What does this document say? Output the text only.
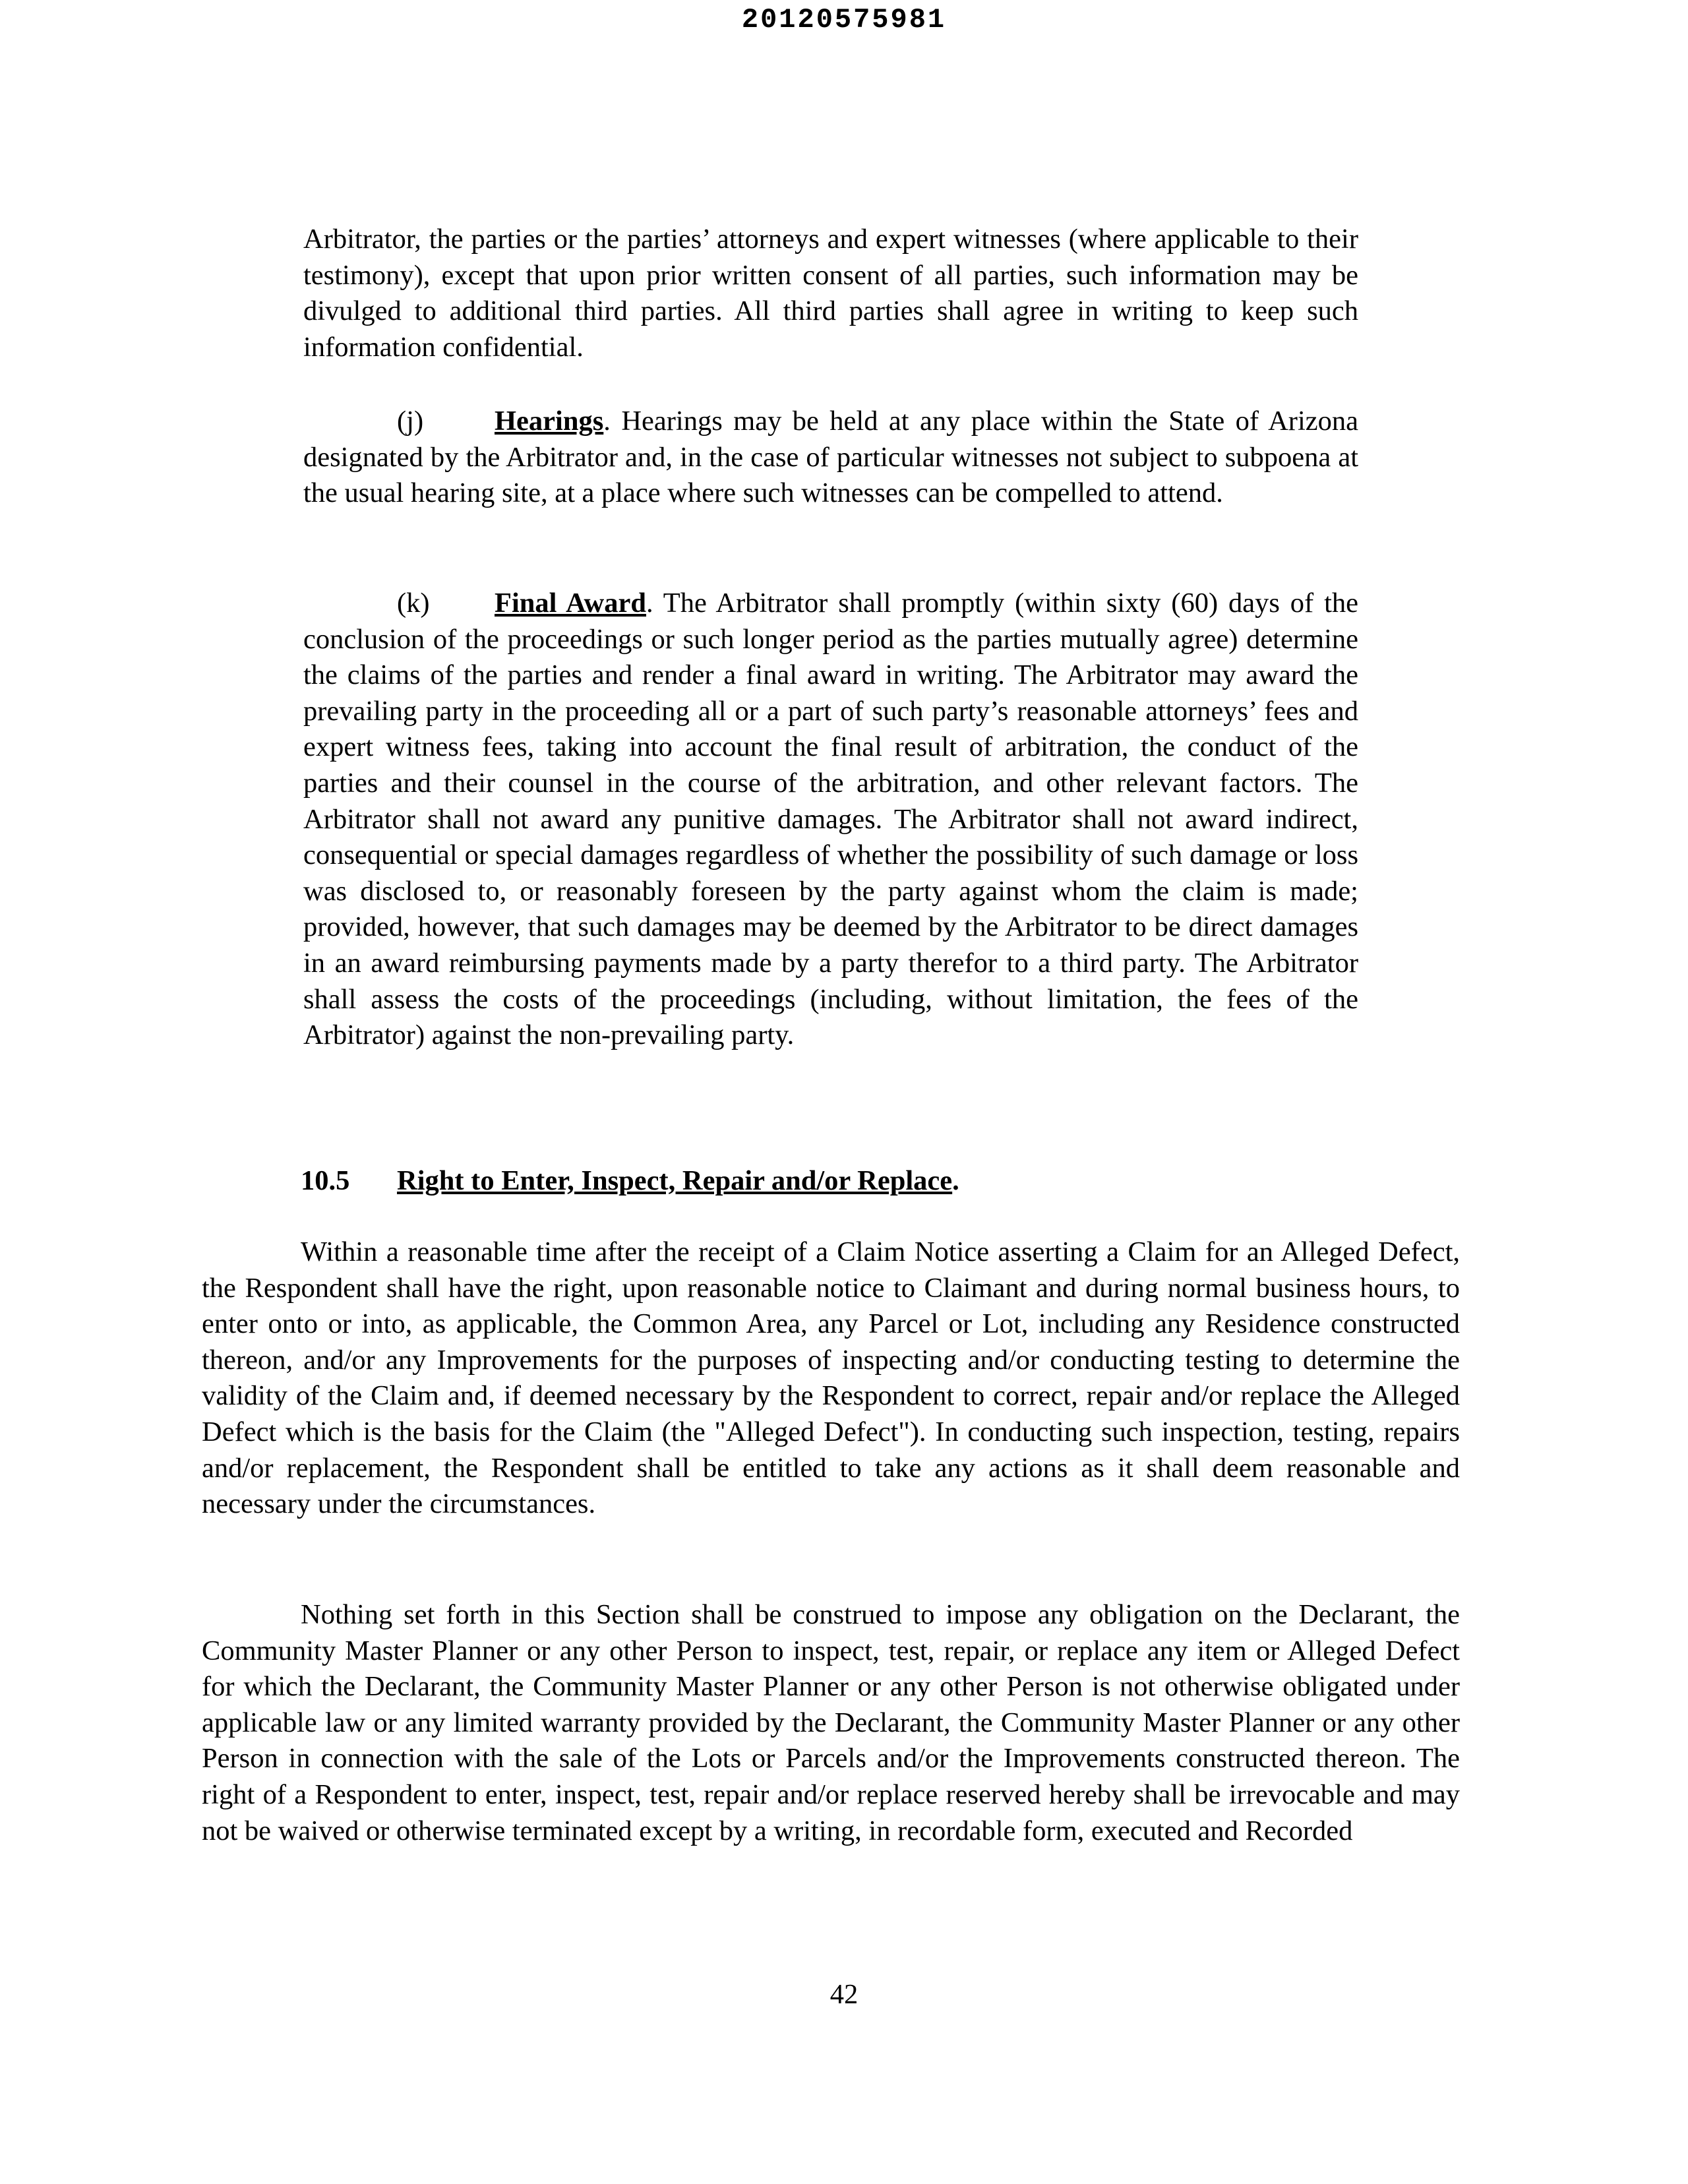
20120575981

Arbitrator, the parties or the parties’ attorneys and expert witnesses (where applicable to their testimony), except that upon prior written consent of all parties, such information may be divulged to additional third parties. All third parties shall agree in writing to keep such information confidential.

(j)	Hearings. Hearings may be held at any place within the State of Arizona designated by the Arbitrator and, in the case of particular witnesses not subject to subpoena at the usual hearing site, at a place where such witnesses can be compelled to attend.

(k) Final Award. The Arbitrator shall promptly (within sixty (60) days of the conclusion of the proceedings or such longer period as the parties mutually agree) determine the claims of the parties and render a final award in writing. The Arbitrator may award the prevailing party in the proceeding all or a part of such party’s reasonable attorneys’ fees and expert witness fees, taking into account the final result of arbitration, the conduct of the parties and their counsel in the course of the arbitration, and other relevant factors. The Arbitrator shall not award any punitive damages. The Arbitrator shall not award indirect, consequential or special damages regardless of whether the possibility of such damage or loss was disclosed to, or reasonably foreseen by the party against whom the claim is made; provided, however, that such damages may be deemed by the Arbitrator to be direct damages in an award reimbursing payments made by a party therefor to a third party. The Arbitrator shall assess the costs of the proceedings (including, without limitation, the fees of the Arbitrator) against the non-prevailing party.

10.5 Right to Enter, Inspect, Repair and/or Replace.

Within a reasonable time after the receipt of a Claim Notice asserting a Claim for an Alleged Defect, the Respondent shall have the right, upon reasonable notice to Claimant and during normal business hours, to enter onto or into, as applicable, the Common Area, any Parcel or Lot, including any Residence constructed thereon, and/or any Improvements for the purposes of inspecting and/or conducting testing to determine the validity of the Claim and, if deemed necessary by the Respondent to correct, repair and/or replace the Alleged Defect which is the basis for the Claim (the "Alleged Defect"). In conducting such inspection, testing, repairs and/or replacement, the Respondent shall be entitled to take any actions as it shall deem reasonable and necessary under the circumstances.

Nothing set forth in this Section shall be construed to impose any obligation on the Declarant, the Community Master Planner or any other Person to inspect, test, repair, or replace any item or Alleged Defect for which the Declarant, the Community Master Planner or any other Person is not otherwise obligated under applicable law or any limited warranty provided by the Declarant, the Community Master Planner or any other Person in connection with the sale of the Lots or Parcels and/or the Improvements constructed thereon. The right of a Respondent to enter, inspect, test, repair and/or replace reserved hereby shall be irrevocable and may not be waived or otherwise terminated except by a writing, in recordable form, executed and Recorded

42
